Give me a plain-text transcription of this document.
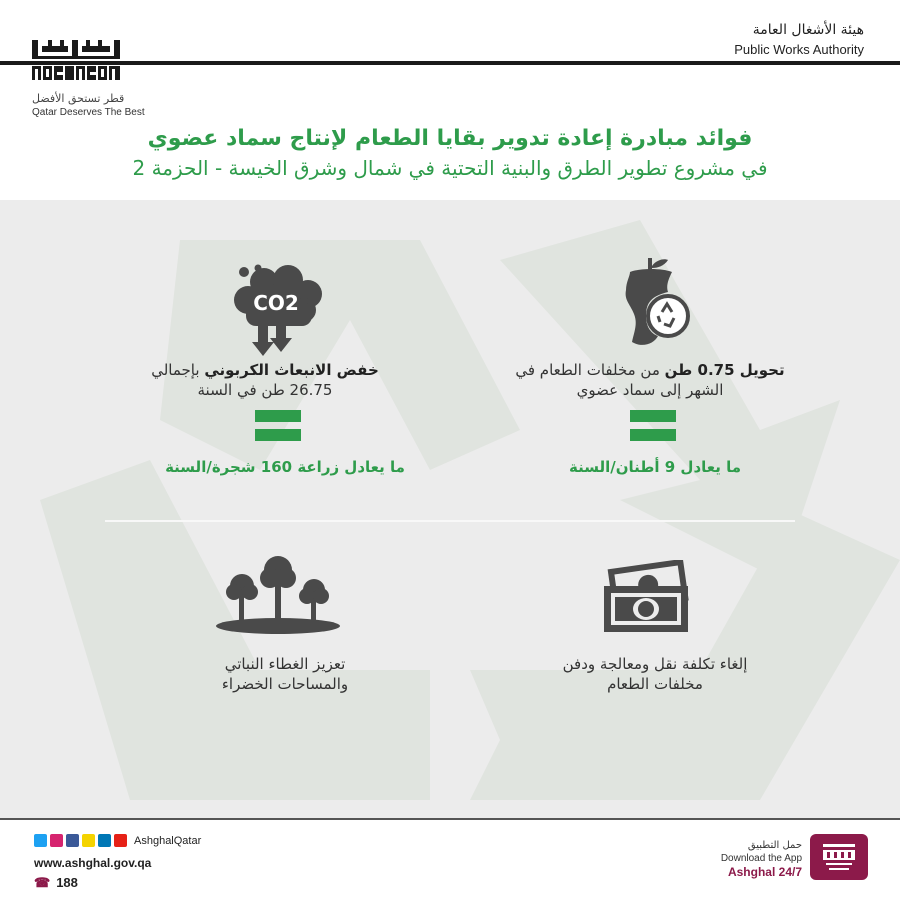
هيئة الأشغال العامة
Public Works Authority
قطر تستحق الأفضل
Qatar Deserves The Best
فوائد مبادرة إعادة تدوير بقايا الطعام لإنتاج سماد عضوي
في مشروع تطوير الطرق والبنية التحتية في شمال وشرق الخيسة - الحزمة 2
CO2
خفض الانبعاث الكربوني بإجمالي
26.75 طن في السنة
تحويل 0.75 طن من مخلفات الطعام في
الشهر إلى سماد عضوي
ما يعادل زراعة 160 شجرة/السنة	ما يعادل 9 أطنان/السنة
تعزيز الغطاء النباتي
والمساحات الخضراء
إلغاء تكلفة نقل ومعالجة ودفن
مخلفات الطعام
AshghalQatar
www.ashghal.gov.qa
☎ 188
حمل التطبيق
Download the App
Ashghal 24/7
